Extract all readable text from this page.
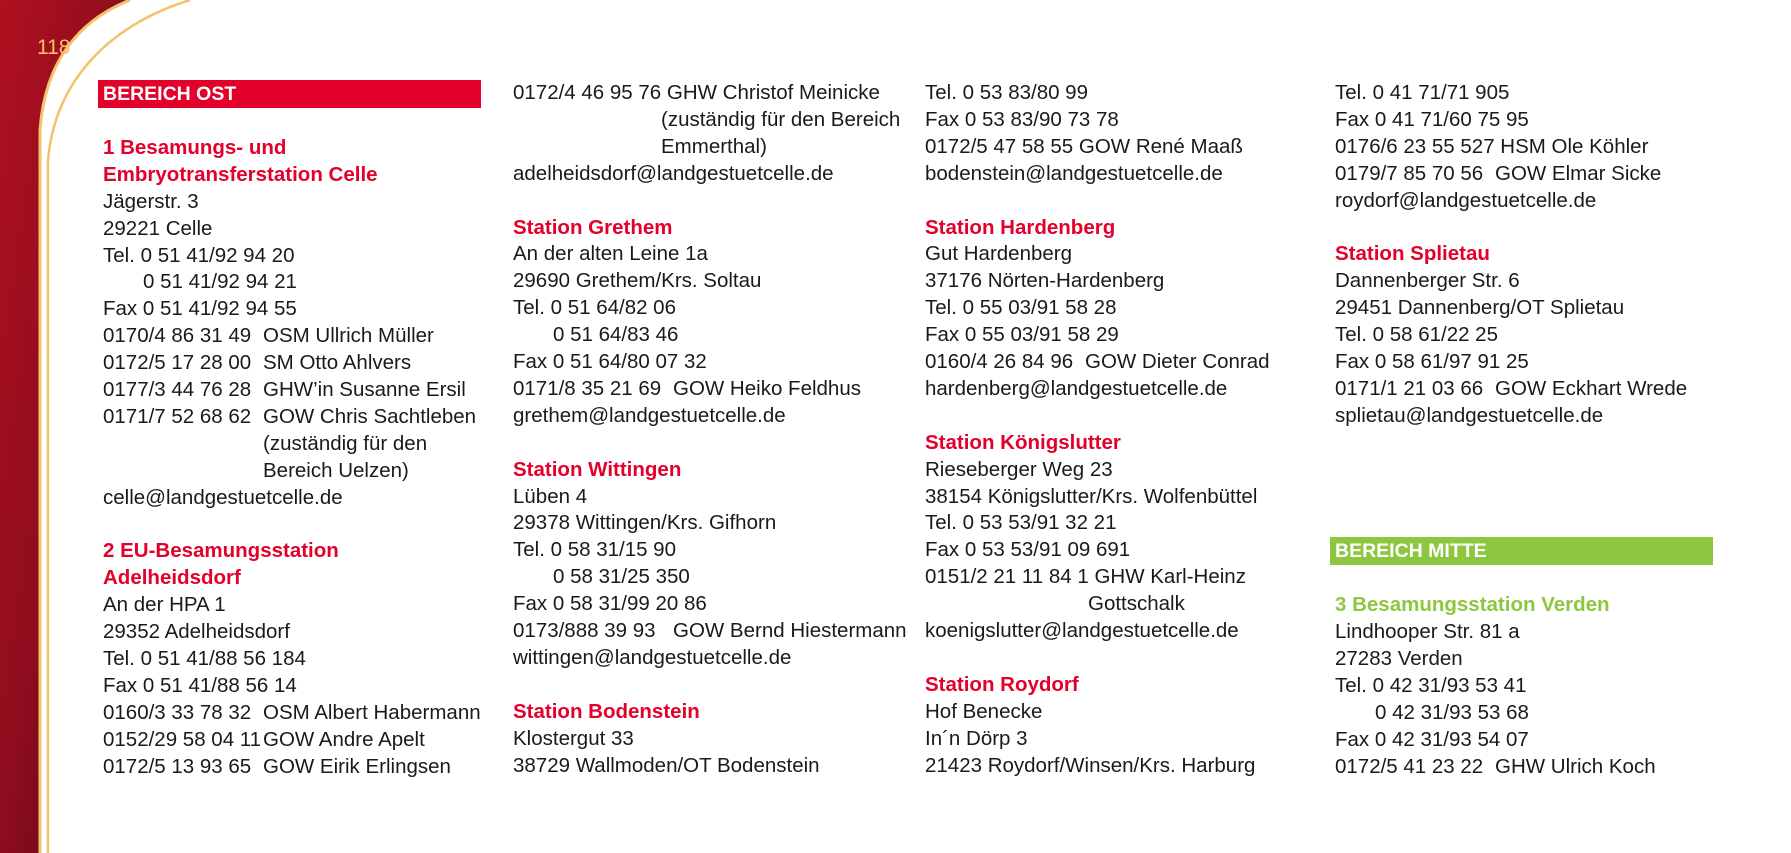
118
BEREICH OST
1 Besamungs- und
Embryotransferstation Celle
Jägerstr. 3
29221 Celle
Tel. 0 51 41/92 94 20
0 51 41/92 94 21
Fax 0 51 41/92 94 55
0170/4 86 31 49 OSM Ullrich Müller
0172/5 17 28 00 SM Otto Ahlvers
0177/3 44 76 28 GHW’in Susanne Ersil
0171/7 52 68 62 GOW Chris Sachtleben
(zuständig für den
Bereich Uelzen)
celle@landgestuetcelle.de
2 EU-Besamungsstation
Adelheidsdorf
An der HPA 1
29352 Adelheidsdorf
Tel. 0 51 41/88 56 184
Fax 0 51 41/88 56 14
0160/3 33 78 32 OSM Albert Habermann
0152/29 58 04 11 GOW Andre Apelt
0172/5 13 93 65 GOW Eirik Erlingsen
0172/4 46 95 76 GHW Christof Meinicke
(zuständig für den Bereich
Emmerthal)
adelheidsdorf@landgestuetcelle.de
Station Grethem
An der alten Leine 1a
29690 Grethem/Krs. Soltau
Tel. 0 51 64/82 06
0 51 64/83 46
Fax 0 51 64/80 07 32
0171/8 35 21 69 GOW Heiko Feldhus
grethem@landgestuetcelle.de
Station Wittingen
Lüben 4
29378 Wittingen/Krs. Gifhorn
Tel. 0 58 31/15 90
0 58 31/25 350
Fax 0 58 31/99 20 86
0173/888 39 93 GOW Bernd Hiestermann
wittingen@landgestuetcelle.de
Station Bodenstein
Klostergut 33
38729 Wallmoden/OT Bodenstein
Tel. 0 53 83/80 99
Fax 0 53 83/90 73 78
0172/5 47 58 55 GOW René Maaß
bodenstein@landgestuetcelle.de
Station Hardenberg
Gut Hardenberg
37176 Nörten-Hardenberg
Tel. 0 55 03/91 58 28
Fax 0 55 03/91 58 29
0160/4 26 84 96 GOW Dieter Conrad
hardenberg@landgestuetcelle.de
Station Königslutter
Rieseberger Weg 23
38154 Königslutter/Krs. Wolfenbüttel
Tel. 0 53 53/91 32 21
Fax 0 53 53/91 09 691
0151/2 21 11 84 1 GHW Karl-Heinz
Gottschalk
koenigslutter@landgestuetcelle.de
Station Roydorf
Hof Benecke
In´n Dörp 3
21423 Roydorf/Winsen/Krs. Harburg
Tel. 0 41 71/71 905
Fax 0 41 71/60 75 95
0176/6 23 55 527 HSM Ole Köhler
0179/7 85 70 56 GOW Elmar Sicke
roydorf@landgestuetcelle.de
Station Splietau
Dannenberger Str. 6
29451 Dannenberg/OT Splietau
Tel. 0 58 61/22 25
Fax 0 58 61/97 91 25
0171/1 21 03 66 GOW Eckhart Wrede
splietau@landgestuetcelle.de
BEREICH MITTE
3 Besamungsstation Verden
Lindhooper Str. 81 a
27283 Verden
Tel. 0 42 31/93 53 41
0 42 31/93 53 68
Fax 0 42 31/93 54 07
0172/5 41 23 22 GHW Ulrich Koch
